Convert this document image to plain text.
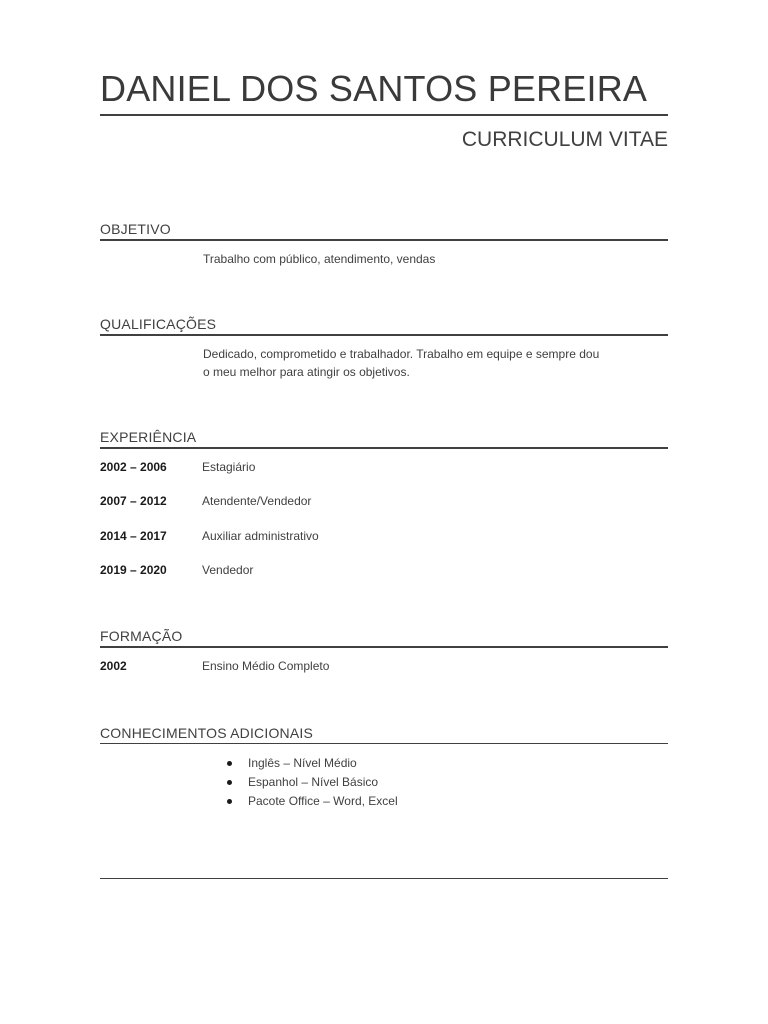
DANIEL DOS SANTOS PEREIRA
CURRICULUM VITAE
OBJETIVO
Trabalho com público, atendimento, vendas
QUALIFICAÇÕES
Dedicado, comprometido e trabalhador. Trabalho em equipe e sempre dou
o meu melhor para atingir os objetivos.
EXPERIÊNCIA
2002 – 2006	Estagiário
2007 – 2012	Atendente/Vendedor
2014 – 2017	Auxiliar administrativo
2019 – 2020	Vendedor
FORMAÇÃO
2002	Ensino Médio Completo
CONHECIMENTOS ADICIONAIS
Inglês – Nível Médio
Espanhol – Nível Básico
Pacote Office – Word, Excel
